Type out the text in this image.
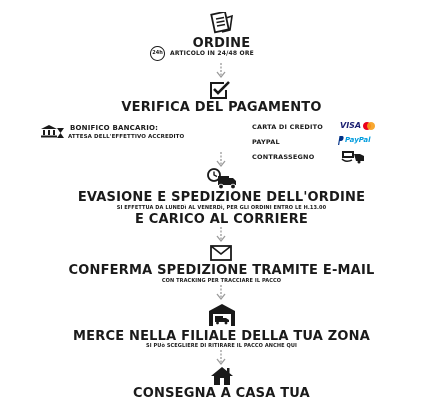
ORDINE
24h	ARTICOLO IN 24/48 ORE
VERIFICA DEL PAGAMENTO
BONIFICO BANCARIO:
ATTESA DELL'EFFETTIVO ACCREDITO
CARTA DI CREDITO VISA
PAYPAL	PayPal
CONTRASSEGNO
EVASIONE E SPEDIZIONE DELL'ORDINE
SI EFFETTUA DA LUNEDì AL VENERDì, PER GLI ORDINI ENTRO LE H.13.00
E CARICO AL CORRIERE
CONFERMA SPEDIZIONE TRAMITE E-MAIL
CON TRACKING PER TRACCIARE IL PACCO
MERCE NELLA FILIALE DELLA TUA ZONA
SI PUò SCEGLIERE DI RITIRARE IL PACCO ANCHE QUI
CONSEGNA A CASA TUA
